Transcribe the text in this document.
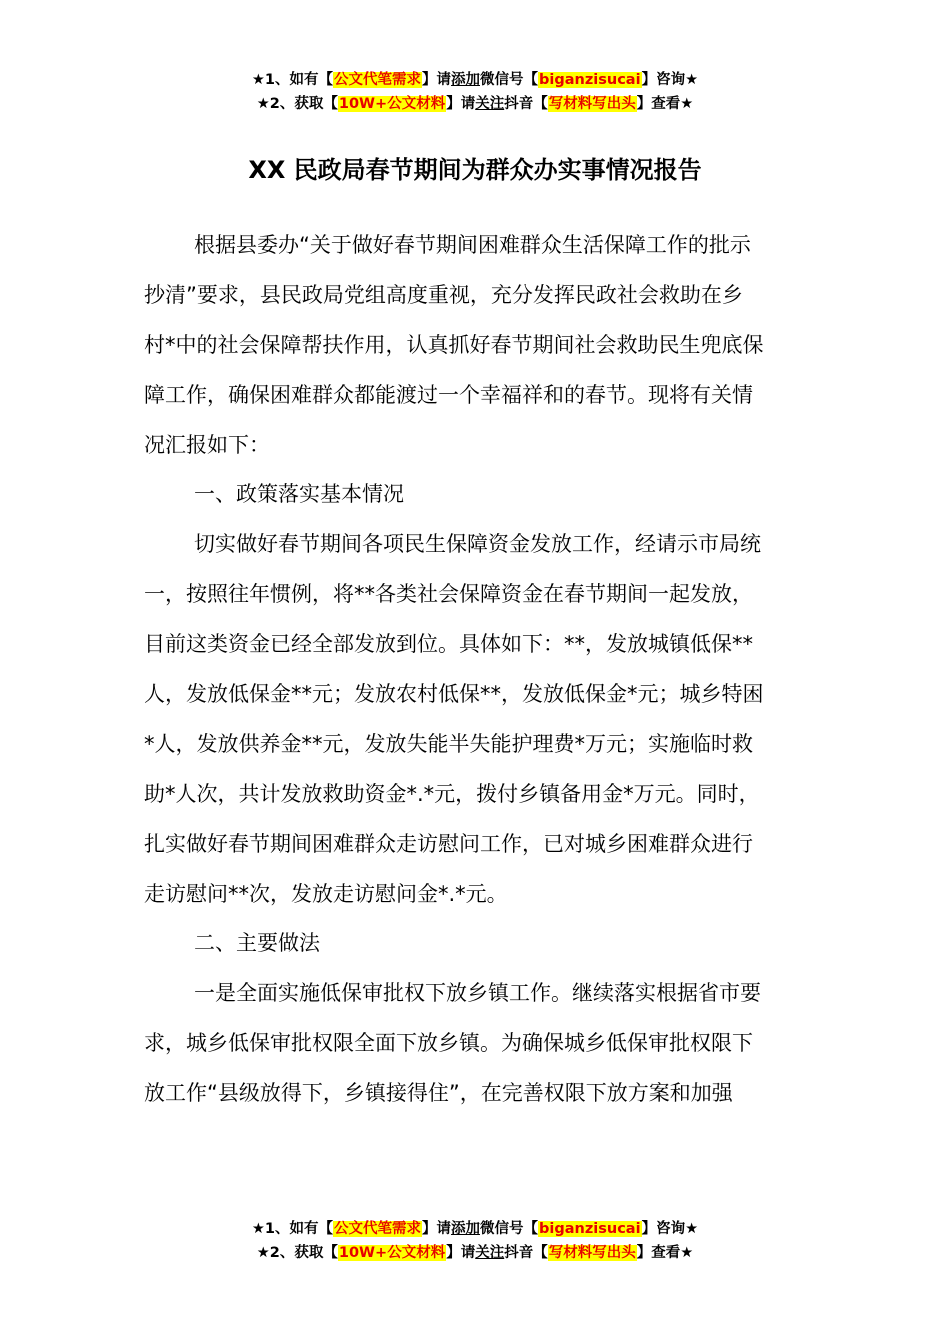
★1、如有【公文代笔需求】请添加微信号【biganzisucai】咨询★
★2、获取【10W+公文材料】请关注抖音【写材料写出头】查看★
XX 民政局春节期间为群众办实事情况报告
根据县委办“关于做好春节期间困难群众生活保障工作的批示
抄清”要求，县民政局党组高度重视，充分发挥民政社会救助在乡
村*中的社会保障帮扶作用，认真抓好春节期间社会救助民生兜底保
障工作，确保困难群众都能渡过一个幸福祥和的春节。现将有关情
况汇报如下：
一、政策落实基本情况
切实做好春节期间各项民生保障资金发放工作，经请示市局统
一，按照往年惯例，将**各类社会保障资金在春节期间一起发放，
目前这类资金已经全部发放到位。具体如下：**，发放城镇低保**
人，发放低保金**元；发放农村低保**，发放低保金*元；城乡特困
*人，发放供养金**元，发放失能半失能护理费*万元；实施临时救
助*人次，共计发放救助资金*.*元，拨付乡镇备用金*万元。同时，
扎实做好春节期间困难群众走访慰问工作，已对城乡困难群众进行
走访慰问**次，发放走访慰问金*.*元。
二、主要做法
一是全面实施低保审批权下放乡镇工作。继续落实根据省市要
求，城乡低保审批权限全面下放乡镇。为确保城乡低保审批权限下
放工作“县级放得下，乡镇接得住”，在完善权限下放方案和加强
★1、如有【公文代笔需求】请添加微信号【biganzisucai】咨询★
★2、获取【10W+公文材料】请关注抖音【写材料写出头】查看★
